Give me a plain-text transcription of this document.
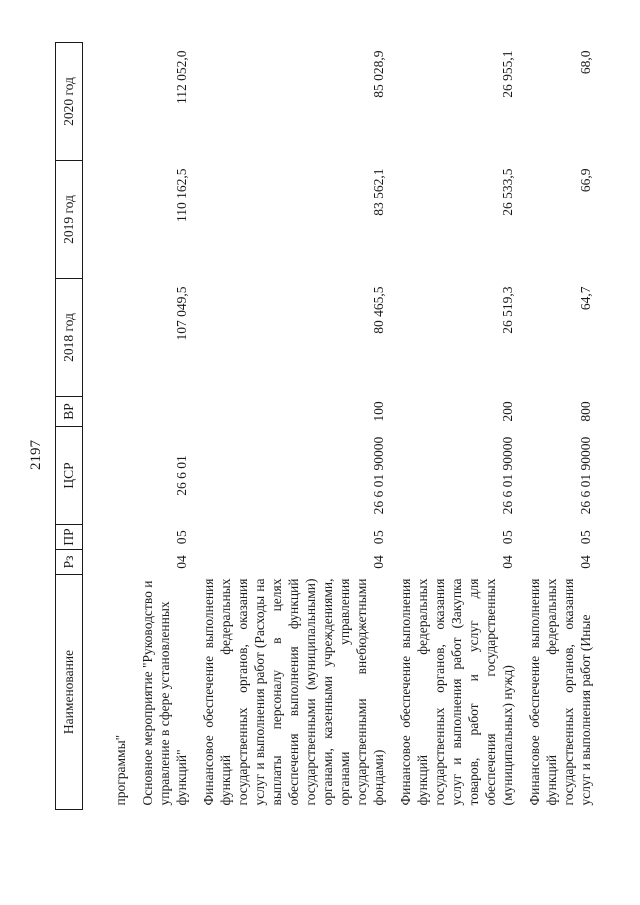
2197
Наименование	Рз	ПР	ЦСР	ВР	2018 год	2019 год	2020 год

программы" Основное мероприятие "Руководство и управление в сфере установленных функций"	04	05	26 6 01		107 049,5	110 162,5	112 052,0
Финансовое обеспечение выполнения функций федеральных государственных органов, оказания услуг и выполнения работ (Расходы на выплаты персоналу в целях обеспечения выполнения функций государственными (муниципальными) органами, казенными учреждениями, органами управления государственными внебюджетными фондами)	04	05	26 6 01 90000	100	80 465,5	83 562,1	85 028,9
Финансовое обеспечение выполнения функций федеральных государственных органов, оказания услуг и выполнения работ (Закупка товаров, работ и услуг для обеспечения государственных (муниципальных) нужд)	04	05	26 6 01 90000	200	26 519,3	26 533,5	26 955,1
Финансовое обеспечение выполнения функций федеральных государственных органов, оказания услуг и выполнения работ (Иные	04	05	26 6 01 90000	800	64,7	66,9	68,0
